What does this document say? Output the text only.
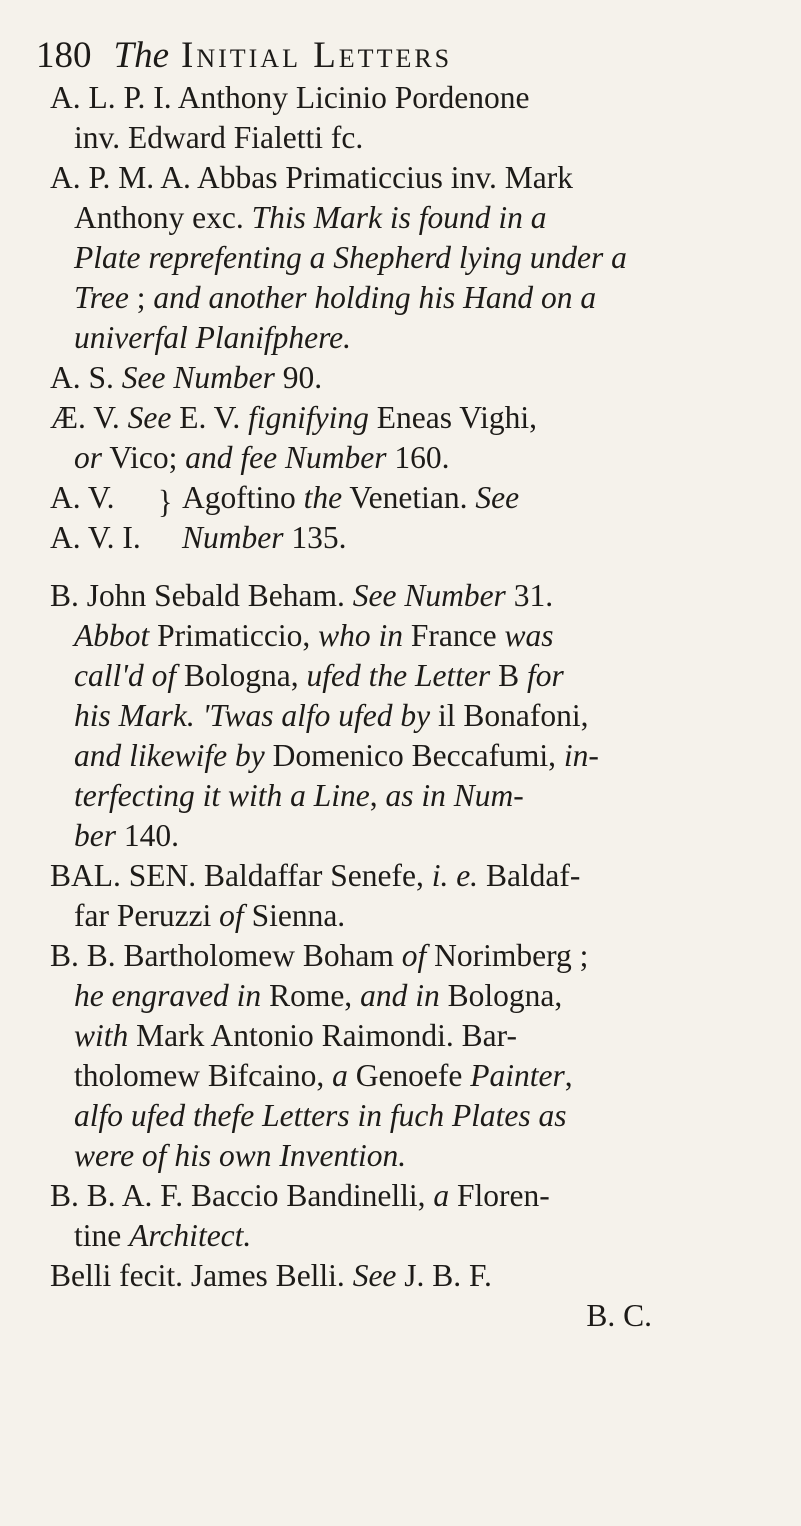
180 The Initial Letters
A. L. P. I. Anthony Licinio Pordenone
inv. Edward Fialetti fc.
A. P. M. A. Abbas Primaticcius inv. Mark
Anthony exc. This Mark is found in a
Plate reprefenting a Shepherd lying under a
Tree ; and another holding his Hand on a
univerfal Planifphere.
A. S. See Number 90.
Æ. V. See E. V. fignifying Eneas Vighi,
or Vico; and fee Number 160.
A. V. } Agoftino the Venetian. See
A. V. I. Number 135.
B. John Sebald Beham. See Number 31.
Abbot Primaticcio, who in France was
call'd of Bologna, ufed the Letter B for
his Mark. 'Twas alfo ufed by il Bonafoni,
and likewife by Domenico Beccafumi, in-
terfecting it with a Line, as in Num-
ber 140.
BAL. SEN. Baldaffar Senefe, i. e. Baldaf-
far Peruzzi of Sienna.
B. B. Bartholomew Boham of Norimberg ;
he engraved in Rome, and in Bologna,
with Mark Antonio Raimondi. Bar-
tholomew Bifcaino, a Genoefe Painter,
alfo ufed thefe Letters in fuch Plates as
were of his own Invention.
B. B. A. F. Baccio Bandinelli, a Floren-
tine Architect.
Belli fecit. James Belli. See J. B. F.
B. C.
